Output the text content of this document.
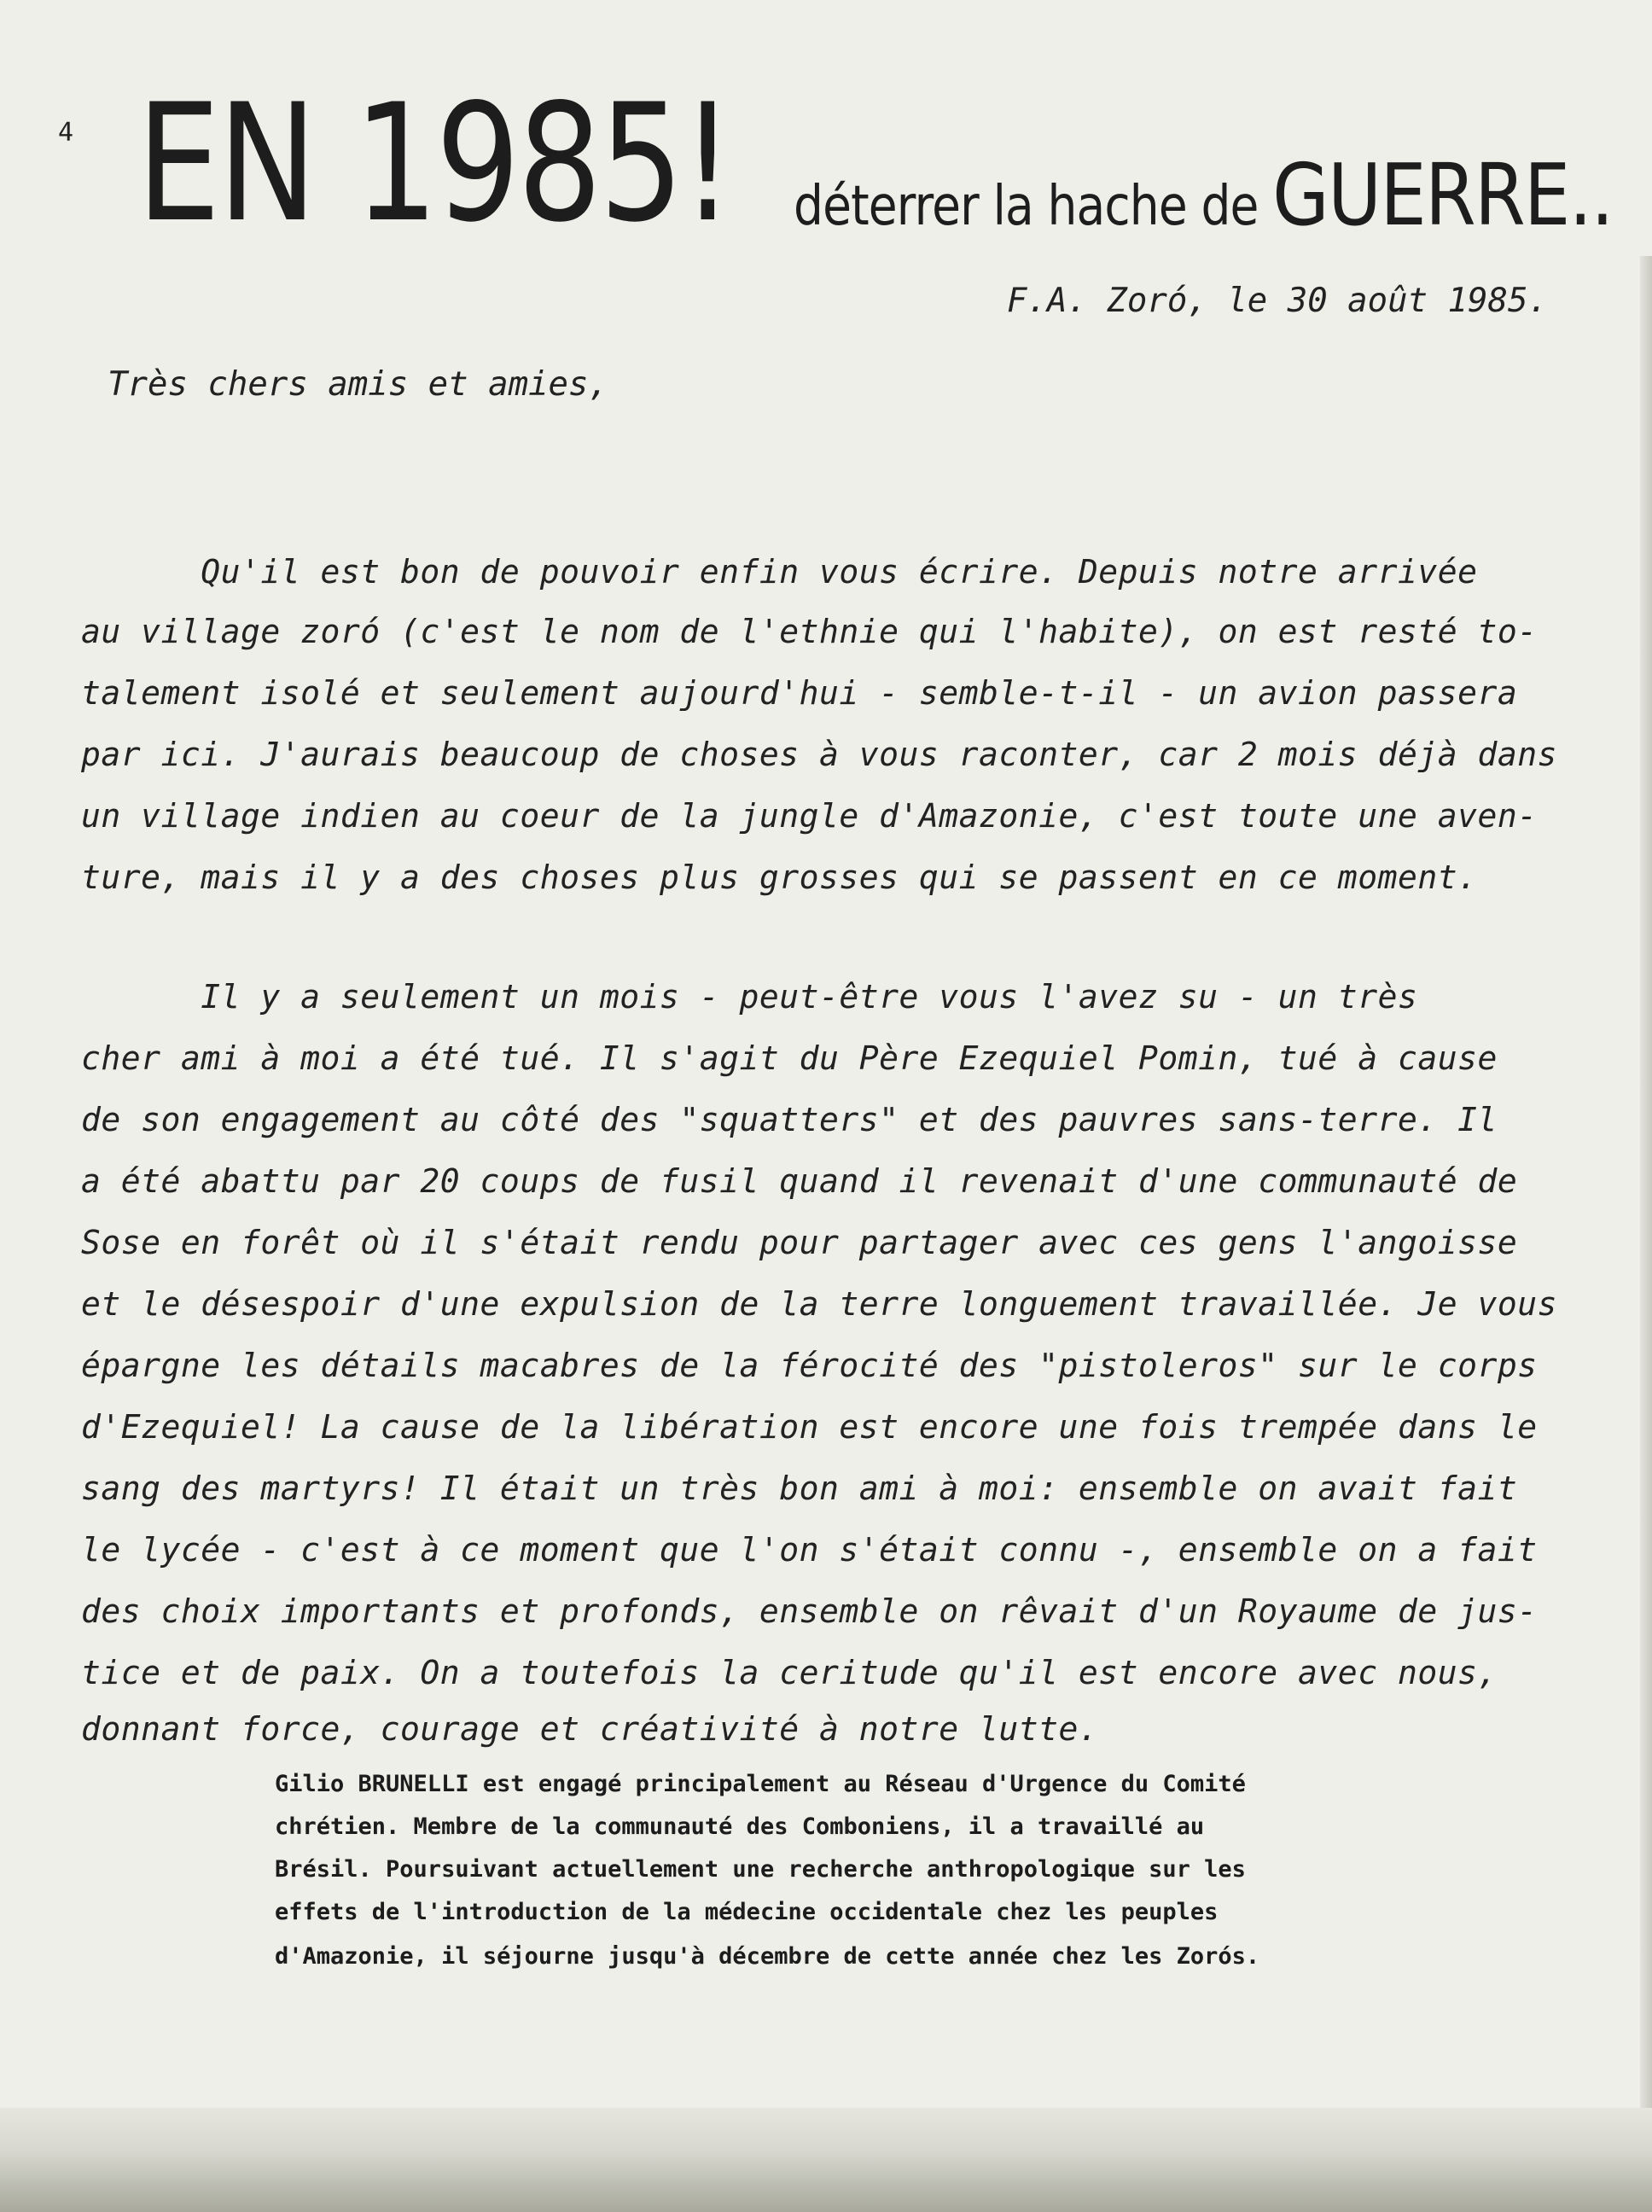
4 EN 1985! déterrer la hache de GUERRE..
F.A. Zoró, le 30 août 1985.
Très chers amis et amies,
Qu'il est bon de pouvoir enfin vous écrire. Depuis notre arrivée
au village zoró (c'est le nom de l'ethnie qui l'habite), on est resté to-
talement isolé et seulement aujourd'hui - semble-t-il - un avion passera
par ici. J'aurais beaucoup de choses à vous raconter, car 2 mois déjà dans
un village indien au coeur de la jungle d'Amazonie, c'est toute une aven-
ture, mais il y a des choses plus grosses qui se passent en ce moment.
Il y a seulement un mois - peut-être vous l'avez su - un très
cher ami à moi a été tué. Il s'agit du Père Ezequiel Pomin, tué à cause
de son engagement au côté des "squatters" et des pauvres sans-terre. Il
a été abattu par 20 coups de fusil quand il revenait d'une communauté de
Sose en forêt où il s'était rendu pour partager avec ces gens l'angoisse
et le désespoir d'une expulsion de la terre longuement travaillée. Je vous
épargne les détails macabres de la férocité des "pistoleros" sur le corps
d'Ezequiel! La cause de la libération est encore une fois trempée dans le
sang des martyrs! Il était un très bon ami à moi: ensemble on avait fait
le lycée - c'est à ce moment que l'on s'était connu -, ensemble on a fait
des choix importants et profonds, ensemble on rêvait d'un Royaume de jus-
tice et de paix. On a toutefois la ceritude qu'il est encore avec nous,
donnant force, courage et créativité à notre lutte.
Gilio BRUNELLI est engagé principalement au Réseau d'Urgence du Comité
chrétien. Membre de la communauté des Comboniens, il a travaillé au
Brésil. Poursuivant actuellement une recherche anthropologique sur les
effets de l'introduction de la médecine occidentale chez les peuples
d'Amazonie, il séjourne jusqu'à décembre de cette année chez les Zorós.
